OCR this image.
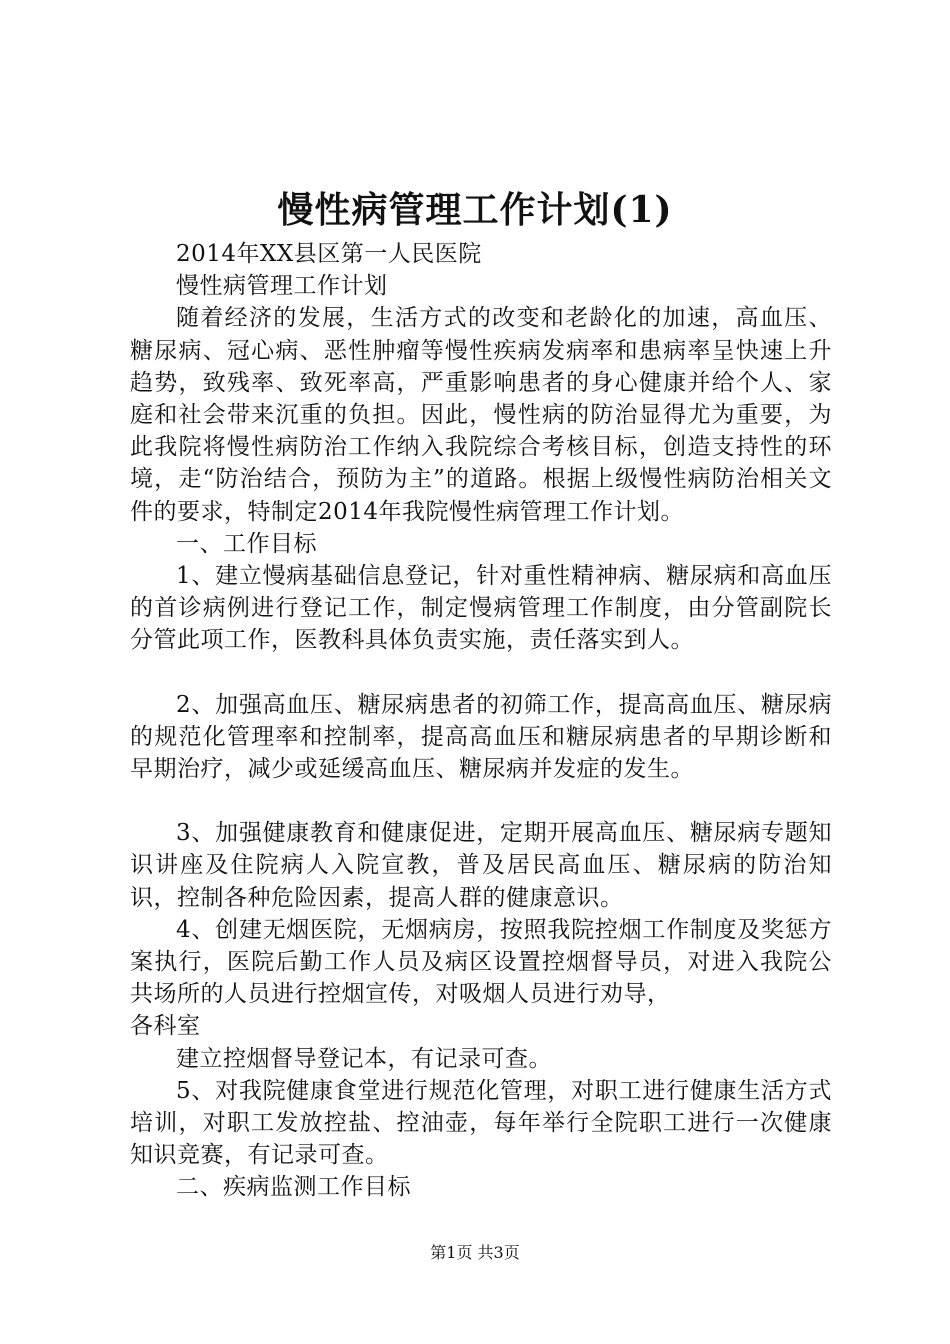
慢性病管理工作计划(1)

2014年XX县区第一人民医院

慢性病管理工作计划

随着经济的发展，生活方式的改变和老龄化的加速，高血压、糖尿病、冠心病、恶性肿瘤等慢性疾病发病率和患病率呈快速上升趋势，致残率、致死率高，严重影响患者的身心健康并给个人、家庭和社会带来沉重的负担。因此，慢性病的防治显得尤为重要，为此我院将慢性病防治工作纳入我院综合考核目标，创造支持性的环境，走“防治结合，预防为主”的道路。根据上级慢性病防治相关文件的要求，特制定2014年我院慢性病管理工作计划。

一、工作目标

1、建立慢病基础信息登记，针对重性精神病、糖尿病和高血压的首诊病例进行登记工作，制定慢病管理工作制度，由分管副院长分管此项工作，医教科具体负责实施，责任落实到人。

2、加强高血压、糖尿病患者的初筛工作，提高高血压、糖尿病的规范化管理率和控制率，提高高血压和糖尿病患者的早期诊断和早期治疗，减少或延缓高血压、糖尿病并发症的发生。

3、加强健康教育和健康促进，定期开展高血压、糖尿病专题知识讲座及住院病人入院宣教，普及居民高血压、糖尿病的防治知识，控制各种危险因素，提高人群的健康意识。

4、创建无烟医院，无烟病房，按照我院控烟工作制度及奖惩方案执行，医院后勤工作人员及病区设置控烟督导员，对进入我院公共场所的人员进行控烟宣传，对吸烟人员进行劝导，

各科室

建立控烟督导登记本，有记录可查。

5、对我院健康食堂进行规范化管理，对职工进行健康生活方式培训，对职工发放控盐、控油壶，每年举行全院职工进行一次健康知识竞赛，有记录可查。

二、疾病监测工作目标

第1页 共3页
